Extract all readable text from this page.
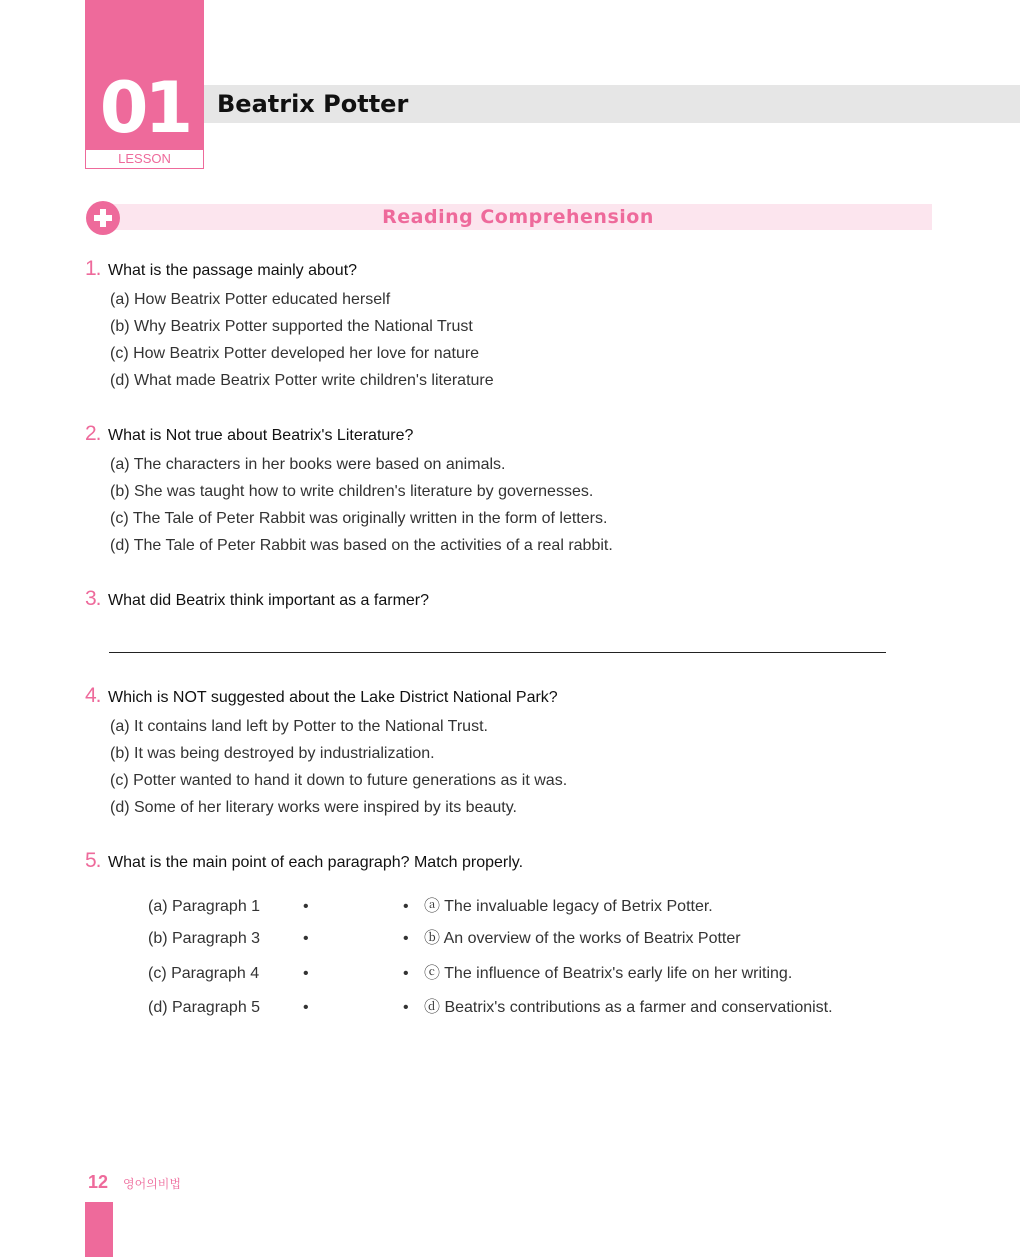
01
LESSON
Beatrix Potter
Reading Comprehension
1. What is the passage mainly about?
(a) How Beatrix Potter educated herself
(b) Why Beatrix Potter supported the National Trust
(c) How Beatrix Potter developed her love for nature
(d) What made Beatrix Potter write children's literature
2. What is Not true about Beatrix's Literature?
(a) The characters in her books were based on animals.
(b) She was taught how to write children's literature by governesses.
(c) The Tale of Peter Rabbit was originally written in the form of letters.
(d) The Tale of Peter Rabbit was based on the activities of a real rabbit.
3. What did Beatrix think important as a farmer?
4. Which is NOT suggested about the Lake District National Park?
(a) It contains land left by Potter to the National Trust.
(b) It was being destroyed by industrialization.
(c) Potter wanted to hand it down to future generations as it was.
(d) Some of her literary works were inspired by its beauty.
5. What is the main point of each paragraph? Match properly.
(a) Paragraph 1	•	• ⓐ The invaluable legacy of Betrix Potter.
(b) Paragraph 3	•	• ⓑ An overview of the works of Beatrix Potter
(c) Paragraph 4	•	• ⓒ The influence of Beatrix's early life on her writing.
(d) Paragraph 5	•	• ⓓ Beatrix's contributions as a farmer and conservationist.
12 영어의비법
